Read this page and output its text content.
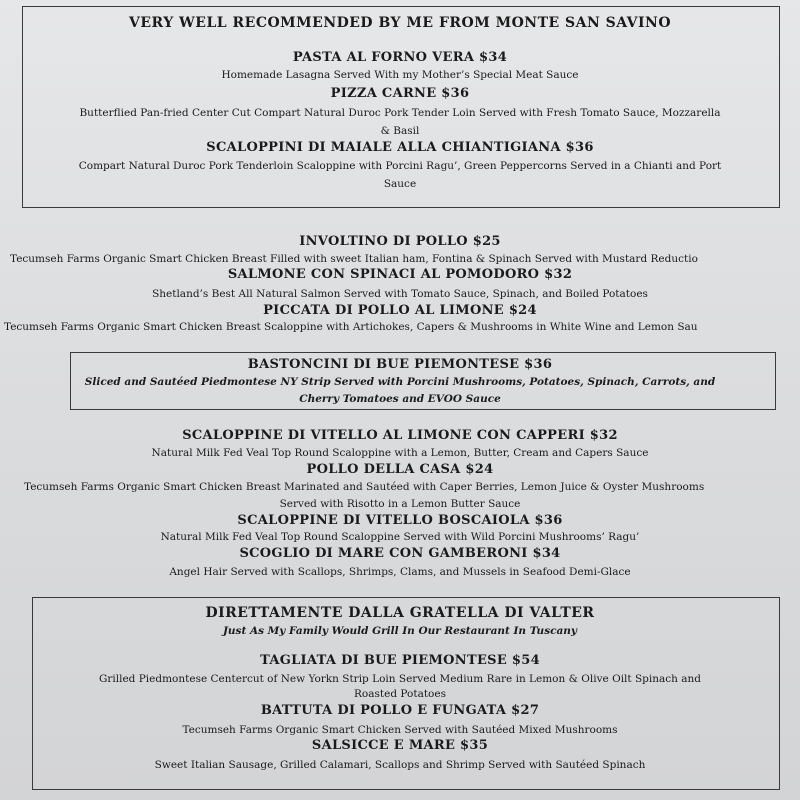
VERY WELL RECOMMENDED BY ME FROM MONTE SAN SAVINO
PASTA AL FORNO VERA $34
Homemade Lasagna Served With my Mother’s Special Meat Sauce
PIZZA CARNE $36
Butterflied Pan-fried Center Cut Compart Natural Duroc Pork Tender Loin Served with Fresh Tomato Sauce, Mozzarella
& Basil
SCALOPPINI DI MAIALE ALLA CHIANTIGIANA $36
Compart Natural Duroc Pork Tenderloin Scaloppine with Porcini Ragu’, Green Peppercorns Served in a Chianti and Port
Sauce
INVOLTINO DI POLLO $25
Tecumseh Farms Organic Smart Chicken Breast Filled with sweet Italian ham, Fontina & Spinach Served with Mustard Reductio
SALMONE CON SPINACI AL POMODORO $32
Shetland’s Best All Natural Salmon Served with Tomato Sauce, Spinach, and Boiled Potatoes
PICCATA DI POLLO AL LIMONE $24
Tecumseh Farms Organic Smart Chicken Breast Scaloppine with Artichokes, Capers & Mushrooms in White Wine and Lemon Sau
BASTONCINI DI BUE PIEMONTESE $36
Sliced and Sautéed Piedmontese NY Strip Served with Porcini Mushrooms, Potatoes, Spinach, Carrots, and
Cherry Tomatoes and EVOO Sauce
SCALOPPINE DI VITELLO AL LIMONE CON CAPPERI $32
Natural Milk Fed Veal Top Round Scaloppine with a Lemon, Butter, Cream and Capers Sauce
POLLO DELLA CASA $24
Tecumseh Farms Organic Smart Chicken Breast Marinated and Sautéed with Caper Berries, Lemon Juice & Oyster Mushrooms
Served with Risotto in a Lemon Butter Sauce
SCALOPPINE DI VITELLO BOSCAIOLA $36
Natural Milk Fed Veal Top Round Scaloppine Served with Wild Porcini Mushrooms’ Ragu’
SCOGLIO DI MARE CON GAMBERONI $34
Angel Hair Served with Scallops, Shrimps, Clams, and Mussels in Seafood Demi-Glace
DIRETTAMENTE DALLA GRATELLA DI VALTER
Just As My Family Would Grill In Our Restaurant In Tuscany
TAGLIATA DI BUE PIEMONTESE $54
Grilled Piedmontese Centercut of New Yorkn Strip Loin Served Medium Rare in Lemon & Olive Oilt Spinach and
Roasted Potatoes
BATTUTA DI POLLO E FUNGATA $27
Tecumseh Farms Organic Smart Chicken Served with Sautéed Mixed Mushrooms
SALSICCE E MARE $35
Sweet Italian Sausage, Grilled Calamari, Scallops and Shrimp Served with Sautéed Spinach
